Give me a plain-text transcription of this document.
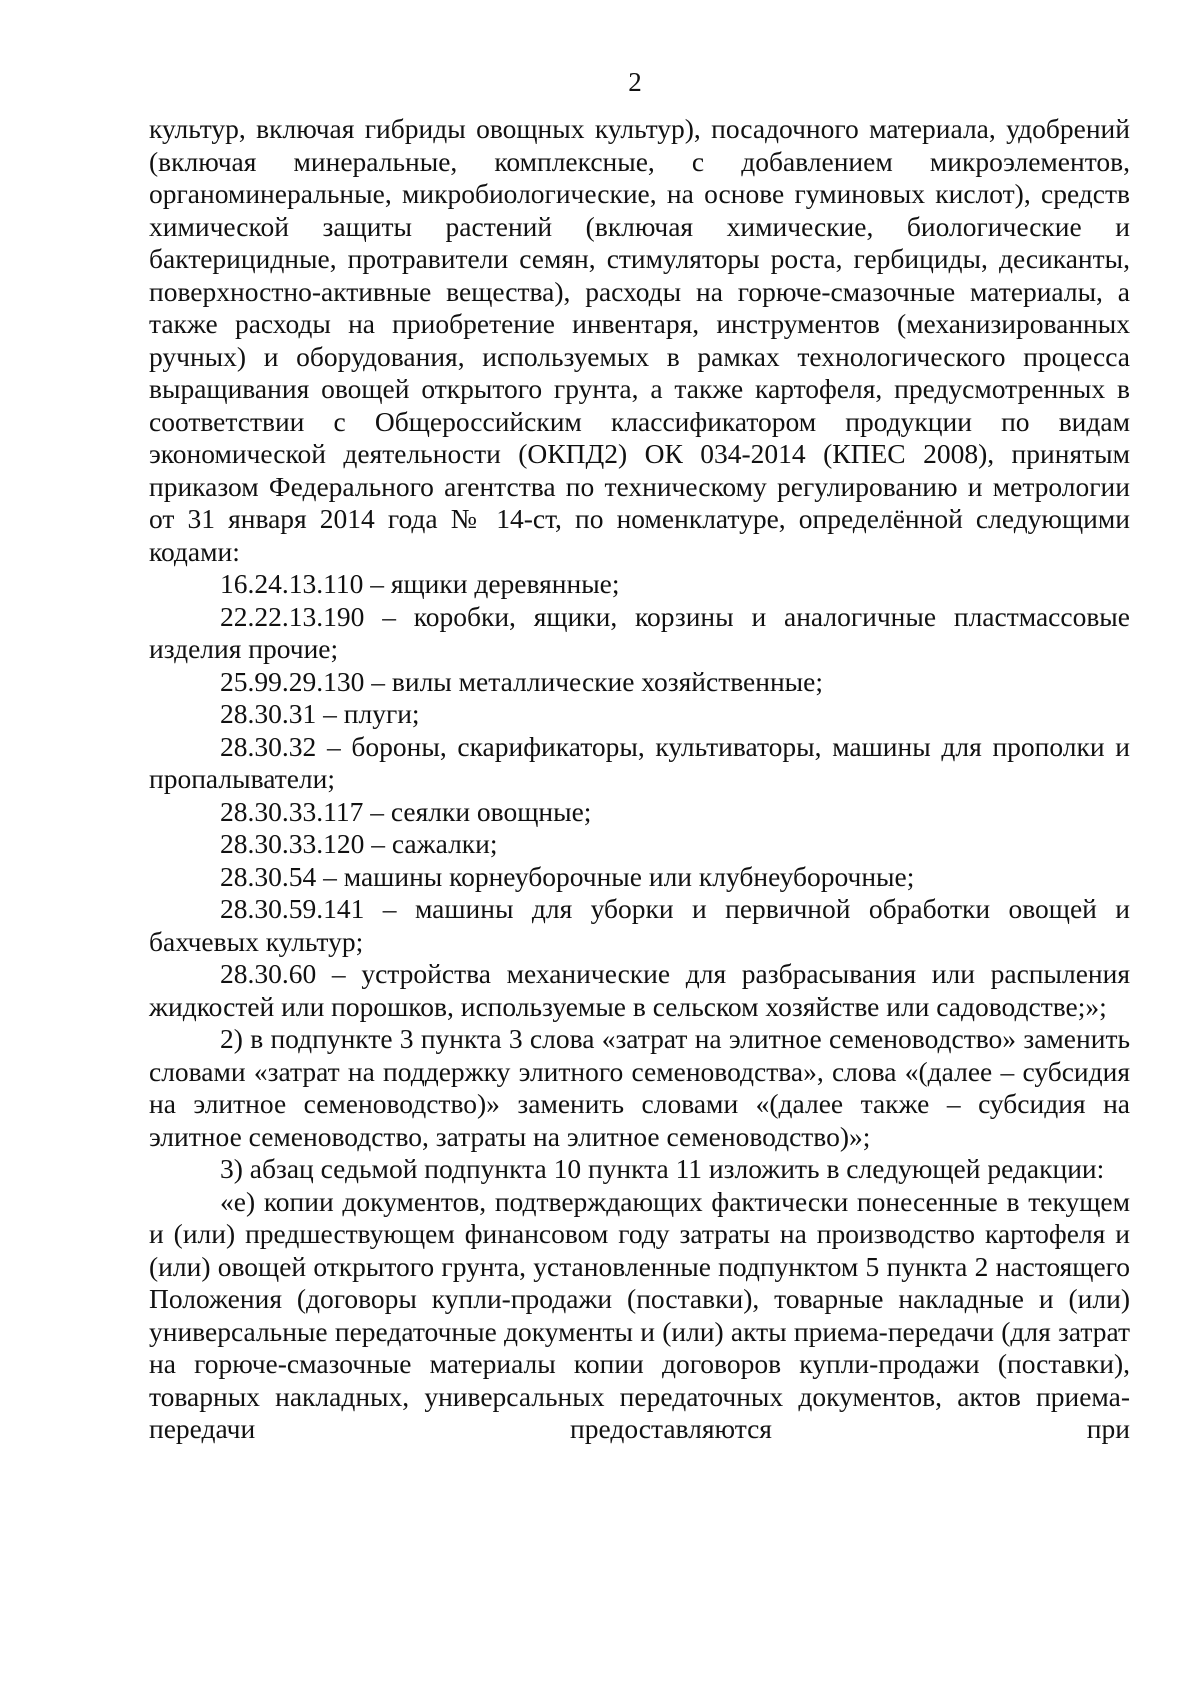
2

культур, включая гибриды овощных культур), посадочного материала, удобрений (включая минеральные, комплексные, с добавлением микроэлементов, органоминеральные, микробиологические, на основе гуминовых кислот), средств химической защиты растений (включая химические, биологические и бактерицидные, протравители семян, стимуляторы роста, гербициды, десиканты, поверхностно-активные вещества), расходы на горюче-смазочные материалы, а также расходы на приобретение инвентаря, инструментов (механизированных ручных) и оборудования, используемых в рамках технологического процесса выращивания овощей открытого грунта, а также картофеля, предусмотренных в соответствии с Общероссийским классификатором продукции по видам экономической деятельности (ОКПД2) ОК 034-2014 (КПЕС 2008), принятым приказом Федерального агентства по техническому регулированию и метрологии от 31 января 2014 года № 14-ст, по номенклатуре, определённой следующими кодами:

16.24.13.110 – ящики деревянные;

22.22.13.190 – коробки, ящики, корзины и аналогичные пластмассовые изделия прочие;

25.99.29.130 – вилы металлические хозяйственные;

28.30.31 – плуги;

28.30.32 – бороны, скарификаторы, культиваторы, машины для прополки и пропалыватели;

28.30.33.117 – сеялки овощные;

28.30.33.120 – сажалки;

28.30.54 – машины корнеуборочные или клубнеуборочные;

28.30.59.141 – машины для уборки и первичной обработки овощей и бахчевых культур;

28.30.60 – устройства механические для разбрасывания или распыления жидкостей или порошков, используемые в сельском хозяйстве или садоводстве;»;

2) в подпункте 3 пункта 3 слова «затрат на элитное семеноводство» заменить словами «затрат на поддержку элитного семеноводства», слова «(далее – субсидия на элитное семеноводство)» заменить словами «(далее также – субсидия на элитное семеноводство, затраты на элитное семеноводство)»;

3) абзац седьмой подпункта 10 пункта 11 изложить в следующей редакции:

«е) копии документов, подтверждающих фактически понесенные в текущем и (или) предшествующем финансовом году затраты на производство картофеля и (или) овощей открытого грунта, установленные подпунктом 5 пункта 2 настоящего Положения (договоры купли-продажи (поставки), товарные накладные и (или) универсальные передаточные документы и (или) акты приема-передачи (для затрат на горюче-смазочные материалы копии договоров купли-продажи (поставки), товарных накладных, универсальных передаточных документов, актов приема-передачи предоставляются при
